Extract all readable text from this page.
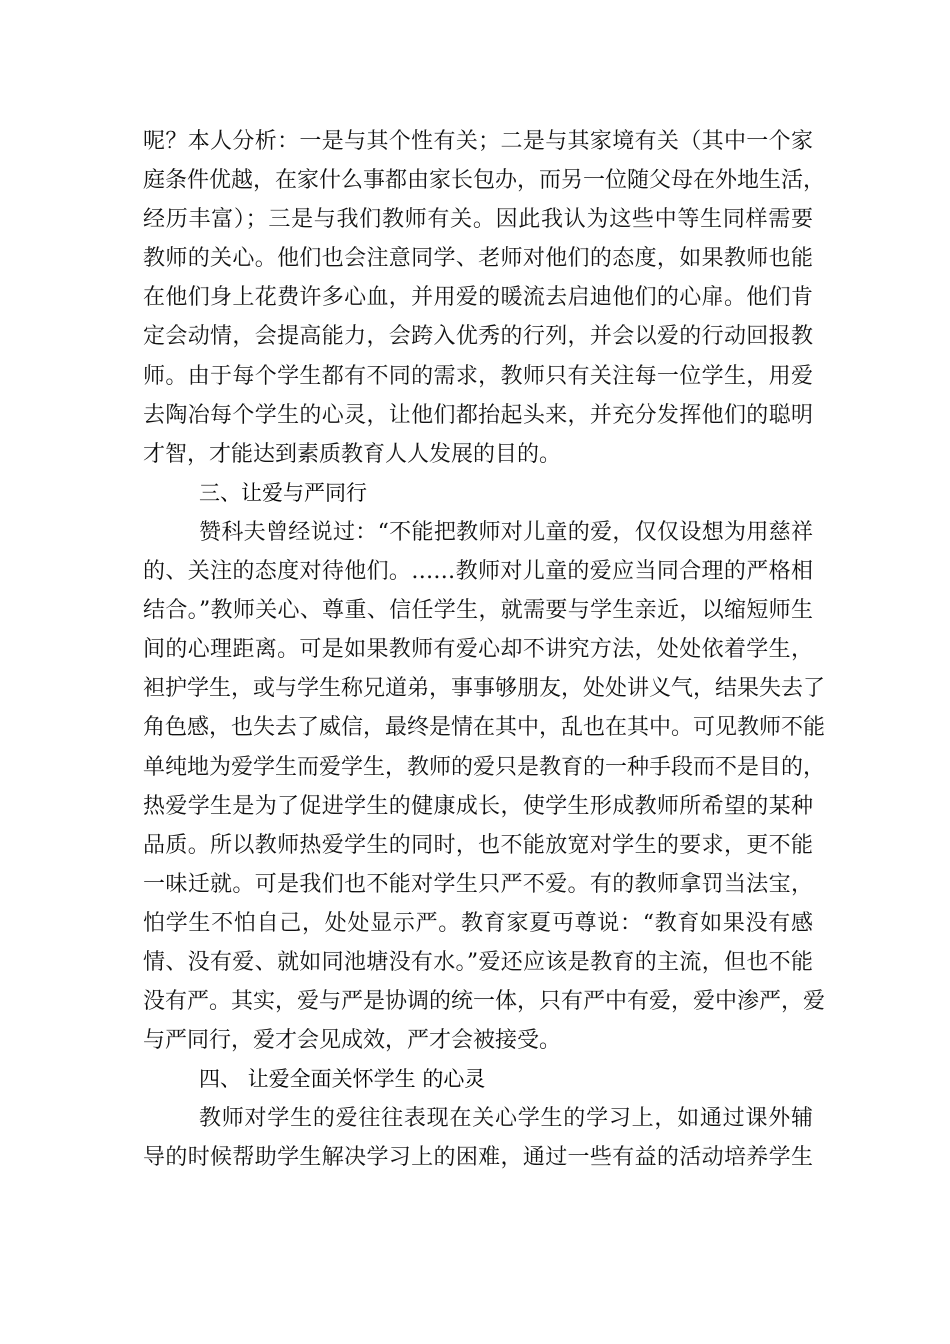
呢？本人分析：一是与其个性有关；二是与其家境有关（其中一个家
庭条件优越，在家什么事都由家长包办，而另一位随父母在外地生活，
经历丰富）；三是与我们教师有关。因此我认为这些中等生同样需要
教师的关心。他们也会注意同学、老师对他们的态度，如果教师也能
在他们身上花费许多心血，并用爱的暖流去启迪他们的心扉。他们肯
定会动情，会提高能力，会跨入优秀的行列，并会以爱的行动回报教
师。由于每个学生都有不同的需求，教师只有关注每一位学生，用爱
去陶冶每个学生的心灵，让他们都抬起头来，并充分发挥他们的聪明
才智，才能达到素质教育人人发展的目的。
三、让爱与严同行
赞科夫曾经说过：“不能把教师对儿童的爱，仅仅设想为用慈祥
的、关注的态度对待他们。……教师对儿童的爱应当同合理的严格相
结合。”教师关心、尊重、信任学生，就需要与学生亲近，以缩短师生
间的心理距离。可是如果教师有爱心却不讲究方法，处处依着学生，
袒护学生，或与学生称兄道弟，事事够朋友，处处讲义气，结果失去了
角色感，也失去了威信，最终是情在其中，乱也在其中。可见教师不能
单纯地为爱学生而爱学生，教师的爱只是教育的一种手段而不是目的，
热爱学生是为了促进学生的健康成长，使学生形成教师所希望的某种
品质。所以教师热爱学生的同时，也不能放宽对学生的要求，更不能
一味迁就。可是我们也不能对学生只严不爱。有的教师拿罚当法宝，
怕学生不怕自己，处处显示严。教育家夏丏尊说：“教育如果没有感
情、没有爱、就如同池塘没有水。”爱还应该是教育的主流，但也不能
没有严。其实，爱与严是协调的统一体，只有严中有爱，爱中渗严，爱
与严同行，爱才会见成效，严才会被接受。
四、 让爱全面关怀学生 的心灵
教师对学生的爱往往表现在关心学生的学习上，如通过课外辅
导的时候帮助学生解决学习上的困难，通过一些有益的活动培养学生
